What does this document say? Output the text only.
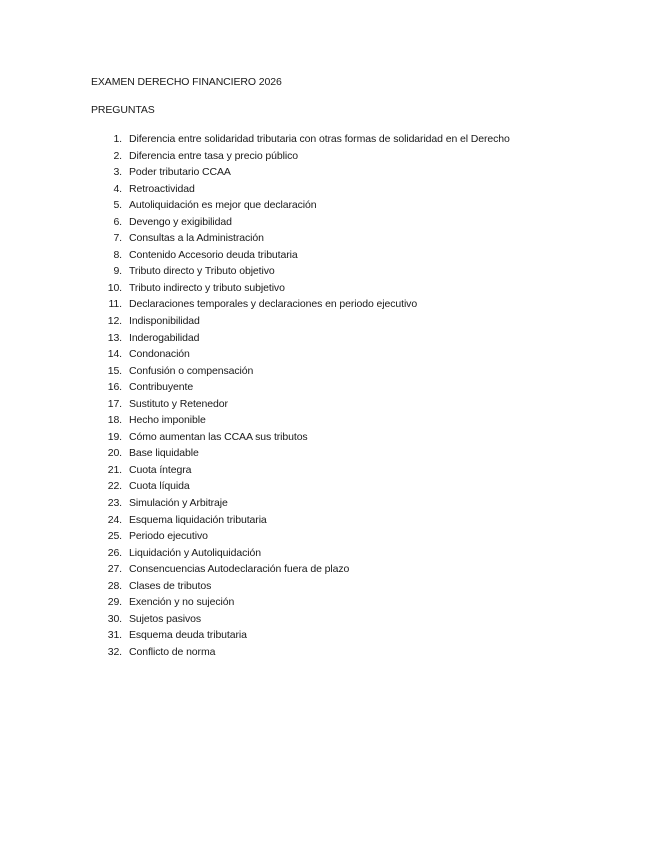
EXAMEN DERECHO FINANCIERO 2026
PREGUNTAS
1. Diferencia entre solidaridad tributaria con otras formas de solidaridad en el Derecho
2. Diferencia entre tasa y precio público
3. Poder tributario CCAA
4. Retroactividad
5. Autoliquidación es mejor que declaración
6. Devengo y exigibilidad
7. Consultas a la Administración
8. Contenido Accesorio deuda tributaria
9. Tributo directo y Tributo objetivo
10. Tributo indirecto y tributo subjetivo
11. Declaraciones temporales y declaraciones en periodo ejecutivo
12. Indisponibilidad
13. Inderogabilidad
14. Condonación
15. Confusión o compensación
16. Contribuyente
17. Sustituto y Retenedor
18. Hecho imponible
19. Cómo aumentan las CCAA sus tributos
20. Base liquidable
21. Cuota íntegra
22. Cuota líquida
23. Simulación y Arbitraje
24. Esquema liquidación tributaria
25. Periodo ejecutivo
26. Liquidación y Autoliquidación
27. Consencuencias Autodeclaración fuera de plazo
28. Clases de tributos
29. Exención y no sujeción
30. Sujetos pasivos
31. Esquema deuda tributaria
32. Conflicto de norma
